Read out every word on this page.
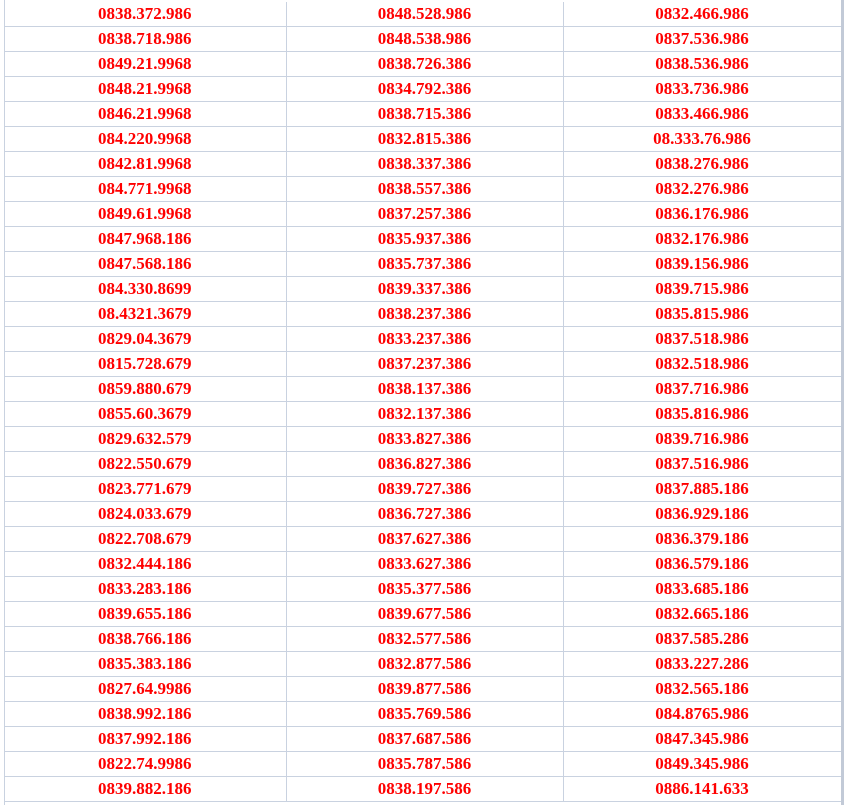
0838.372.986	0848.528.986	0832.466.986
0838.718.986	0848.538.986	0837.536.986
0849.21.9968	0838.726.386	0838.536.986
0848.21.9968	0834.792.386	0833.736.986
0846.21.9968	0838.715.386	0833.466.986
084.220.9968	0832.815.386	08.333.76.986
0842.81.9968	0838.337.386	0838.276.986
084.771.9968	0838.557.386	0832.276.986
0849.61.9968	0837.257.386	0836.176.986
0847.968.186	0835.937.386	0832.176.986
0847.568.186	0835.737.386	0839.156.986
084.330.8699	0839.337.386	0839.715.986
08.4321.3679	0838.237.386	0835.815.986
0829.04.3679	0833.237.386	0837.518.986
0815.728.679	0837.237.386	0832.518.986
0859.880.679	0838.137.386	0837.716.986
0855.60.3679	0832.137.386	0835.816.986
0829.632.579	0833.827.386	0839.716.986
0822.550.679	0836.827.386	0837.516.986
0823.771.679	0839.727.386	0837.885.186
0824.033.679	0836.727.386	0836.929.186
0822.708.679	0837.627.386	0836.379.186
0832.444.186	0833.627.386	0836.579.186
0833.283.186	0835.377.586	0833.685.186
0839.655.186	0839.677.586	0832.665.186
0838.766.186	0832.577.586	0837.585.286
0835.383.186	0832.877.586	0833.227.286
0827.64.9986	0839.877.586	0832.565.186
0838.992.186	0835.769.586	084.8765.986
0837.992.186	0837.687.586	0847.345.986
0822.74.9986	0835.787.586	0849.345.986
0839.882.186	0838.197.586	0886.141.633
